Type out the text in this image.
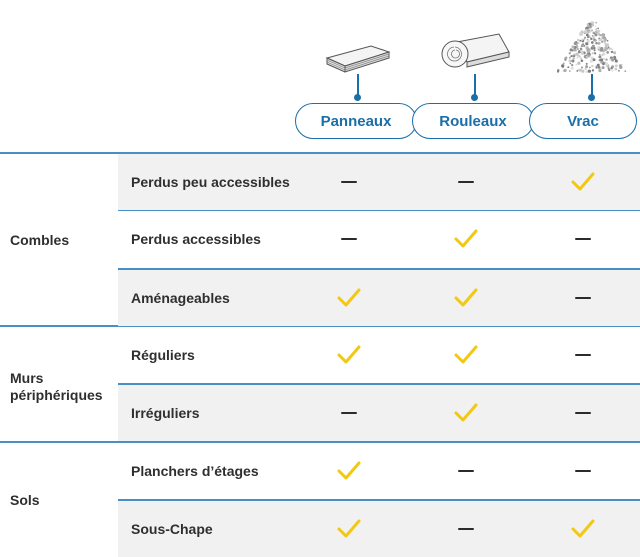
Panneaux	Rouleaux	Vrac
Combles
Murs
périphériques
Sols
Perdus peu accessibles
Perdus accessibles
Aménageables
Réguliers
Irréguliers
Planchers d’étages
Sous-Chape
